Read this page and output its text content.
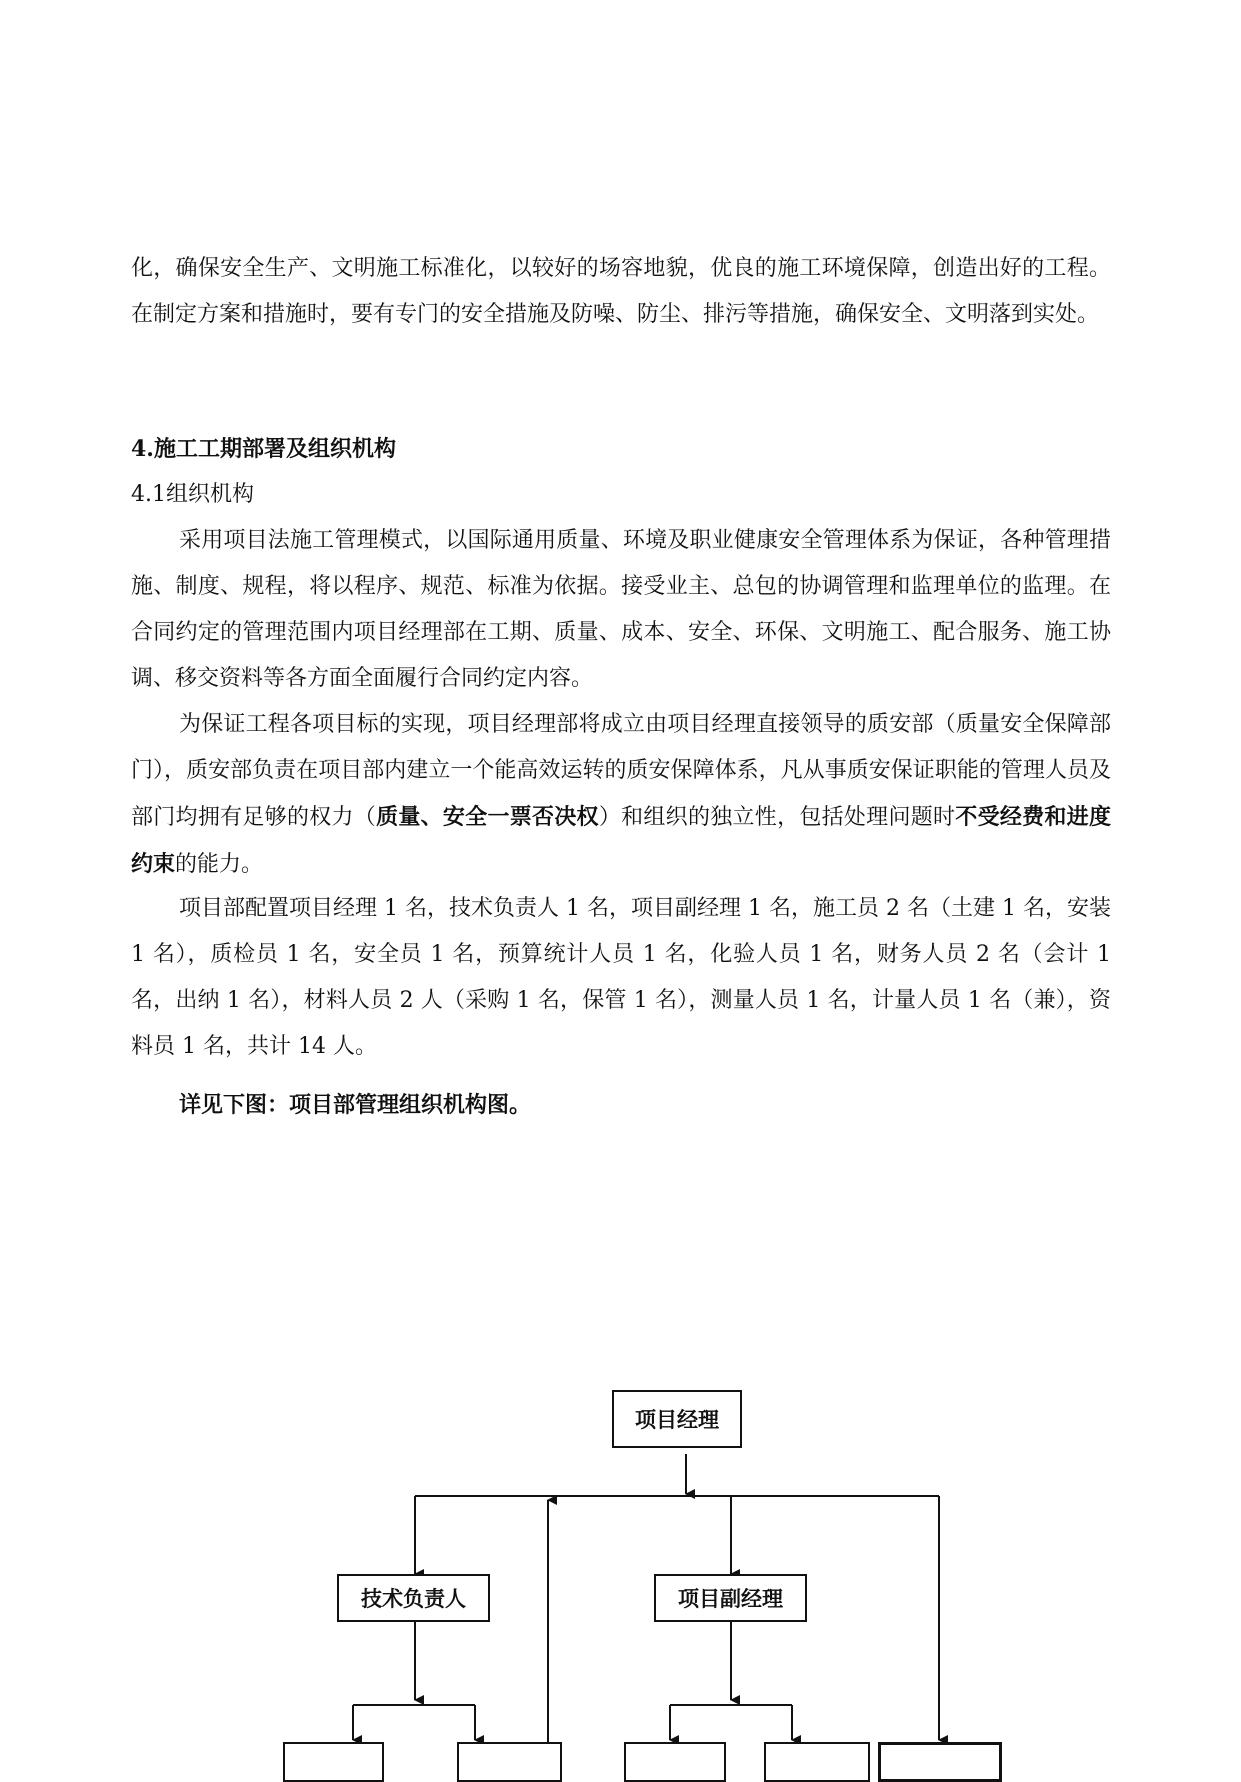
化，确保安全生产、文明施工标准化，以较好的场容地貌，优良的施工环境保障，创造出好的工程。在制定方案和措施时，要有专门的安全措施及防噪、防尘、排污等措施，确保安全、文明落到实处。

4.施工工期部署及组织机构

4.1组织机构

采用项目法施工管理模式，以国际通用质量、环境及职业健康安全管理体系为保证，各种管理措施、制度、规程，将以程序、规范、标准为依据。接受业主、总包的协调管理和监理单位的监理。在合同约定的管理范围内项目经理部在工期、质量、成本、安全、环保、文明施工、配合服务、施工协调、移交资料等各方面全面履行合同约定内容。

为保证工程各项目标的实现，项目经理部将成立由项目经理直接领导的质安部（质量安全保障部门），质安部负责在项目部内建立一个能高效运转的质安保障体系，凡从事质安保证职能的管理人员及部门均拥有足够的权力（质量、安全一票否决权）和组织的独立性，包括处理问题时不受经费和进度约束的能力。

项目部配置项目经理 1 名，技术负责人 1 名，项目副经理 1 名，施工员 2 名（土建 1 名，安装 1 名），质检员 1 名，安全员 1 名，预算统计人员 1 名，化验人员 1 名，财务人员 2 名（会计 1 名，出纳 1 名），材料人员 2 人（采购 1 名，保管 1 名），测量人员 1 名，计量人员 1 名（兼），资料员 1 名，共计 14 人。

详见下图：项目部管理组织机构图。

项目经理
技术负责人	项目副经理
